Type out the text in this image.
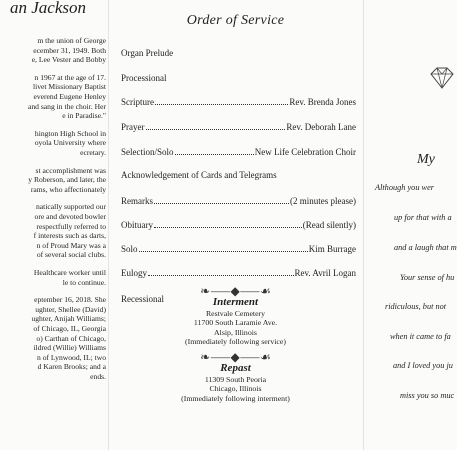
an Jackson
m the union of George
ecember 31, 1949. Both
e, Lee Vester and Bobby
n 1967 at the age of 17.
livet Missionary Baptist
everend Eugene Henley
and sang in the choir. Her
e in Paradise."
hington High School in
oyola University where
ecretary.
st accomplishment was
y Roberson, and later, the
rams, who affectionately
natically supported our
ore and devoted bowler
respectfully referred to
f interests such as darts,
n of Proud Mary was a
of several social clubs.
Healthcare worker until
le to continue.
eptember 16, 2018. She
ughter, Shellee (David)
ughter, Anijah Williams;
of Chicago, IL, Georgia
o) Carthan of Chicago,
ildred (Willie) Williams
n of Lynwood, IL; two
d Karen Brooks; and a
ends.
Order of Service
Organ Prelude
Processional
Scripture	Rev. Brenda Jones
Prayer	Rev. Deborah Lane
Selection/Solo	New Life Celebration Choir
Acknowledgement of Cards and Telegrams
Remarks	(2 minutes please)
Obituary	(Read silently)
Solo	Kim Burrage
Eulogy	Rev. Avril Logan
Recessional
❧⸺◆⸺☙
Interment
Restvale Cemetery
11700 South Laramie Ave.
Alsip, Illinois
(Immediately following service)
❧⸺◆⸺☙
Repast
11309 South Peoria
Chicago, Illinois
(Immediately following interment)
My
Although you wer
up for that with a
and a laugh that m
Your sense of hu
ridiculous, but not
when it came to fa
and I loved you ju
miss you so muc
